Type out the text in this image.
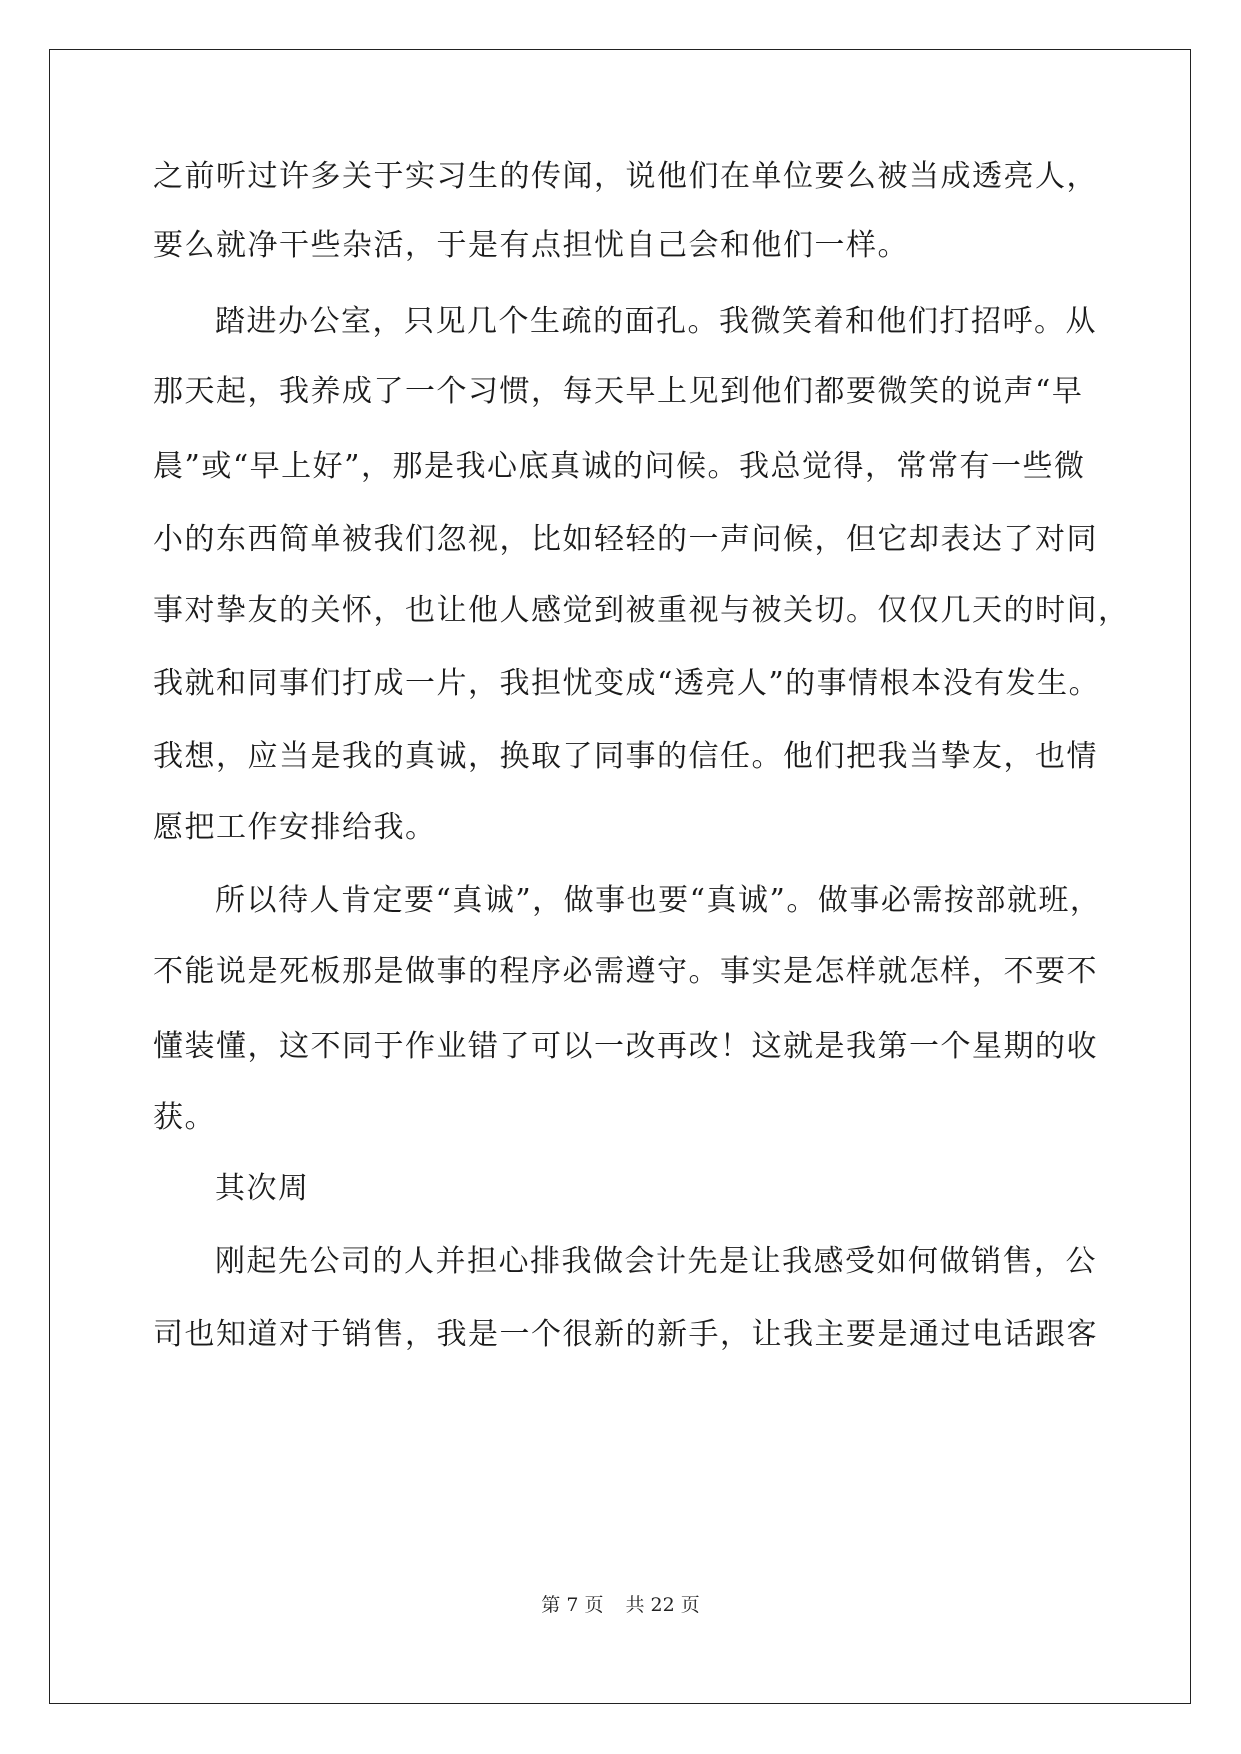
之前听过许多关于实习生的传闻，说他们在单位要么被当成透亮人，
要么就净干些杂活，于是有点担忧自己会和他们一样。
踏进办公室，只见几个生疏的面孔。我微笑着和他们打招呼。从
那天起，我养成了一个习惯，每天早上见到他们都要微笑的说声“早
晨”或“早上好”，那是我心底真诚的问候。我总觉得，常常有一些微
小的东西简单被我们忽视，比如轻轻的一声问候，但它却表达了对同
事对挚友的关怀，也让他人感觉到被重视与被关切。仅仅几天的时间，
我就和同事们打成一片，我担忧变成“透亮人”的事情根本没有发生。
我想，应当是我的真诚，换取了同事的信任。他们把我当挚友，也情
愿把工作安排给我。
所以待人肯定要“真诚”，做事也要“真诚”。做事必需按部就班，
不能说是死板那是做事的程序必需遵守。事实是怎样就怎样，不要不
懂装懂，这不同于作业错了可以一改再改！这就是我第一个星期的收
获。
其次周
刚起先公司的人并担心排我做会计先是让我感受如何做销售，公
司也知道对于销售，我是一个很新的新手，让我主要是通过电话跟客
第 7 页 共 22 页
